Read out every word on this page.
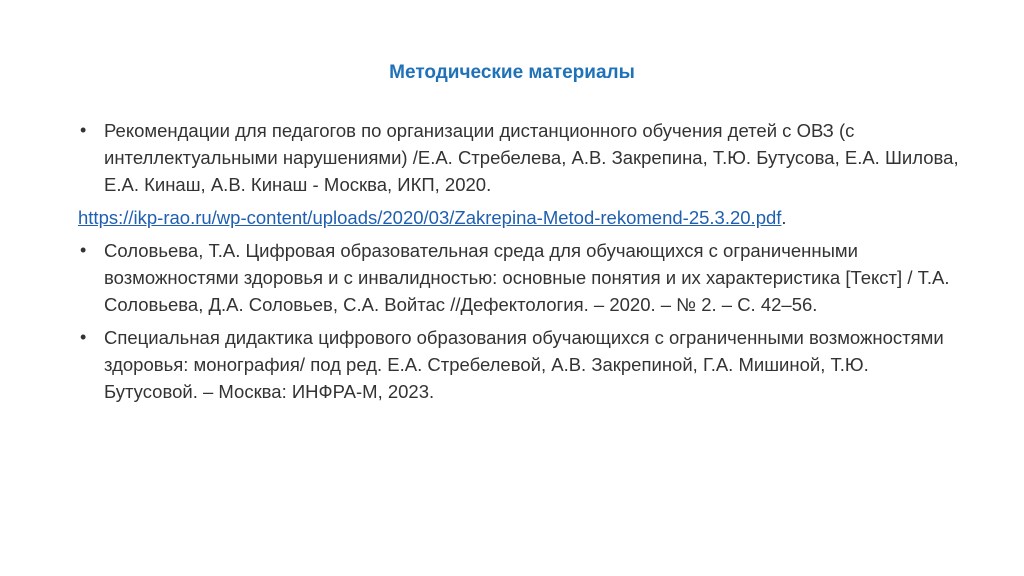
Методические материалы
• Рекомендации для педагогов по организации дистанционного обучения детей с ОВЗ (с интеллектуальными нарушениями) /Е.А. Стребелева, А.В. Закрепина, Т.Ю. Бутусова, Е.А. Шилова, Е.А. Кинаш, А.В. Кинаш - Москва, ИКП, 2020.
https://ikp-rao.ru/wp-content/uploads/2020/03/Zakrepina-Metod-rekomend-25.3.20.pdf.
• Соловьева, Т.А. Цифровая образовательная среда для обучающихся с ограниченными возможностями здоровья и с инвалидностью: основные понятия и их характеристика [Текст] / Т.А. Соловьева, Д.А. Соловьев, С.А. Войтас //Дефектология. – 2020. – № 2. – С. 42–56.
• Специальная дидактика цифрового образования обучающихся с ограниченными возможностями здоровья: монография/ под ред. Е.А. Стребелевой, А.В. Закрепиной, Г.А. Мишиной, Т.Ю. Бутусовой. – Москва: ИНФРА-М, 2023.
